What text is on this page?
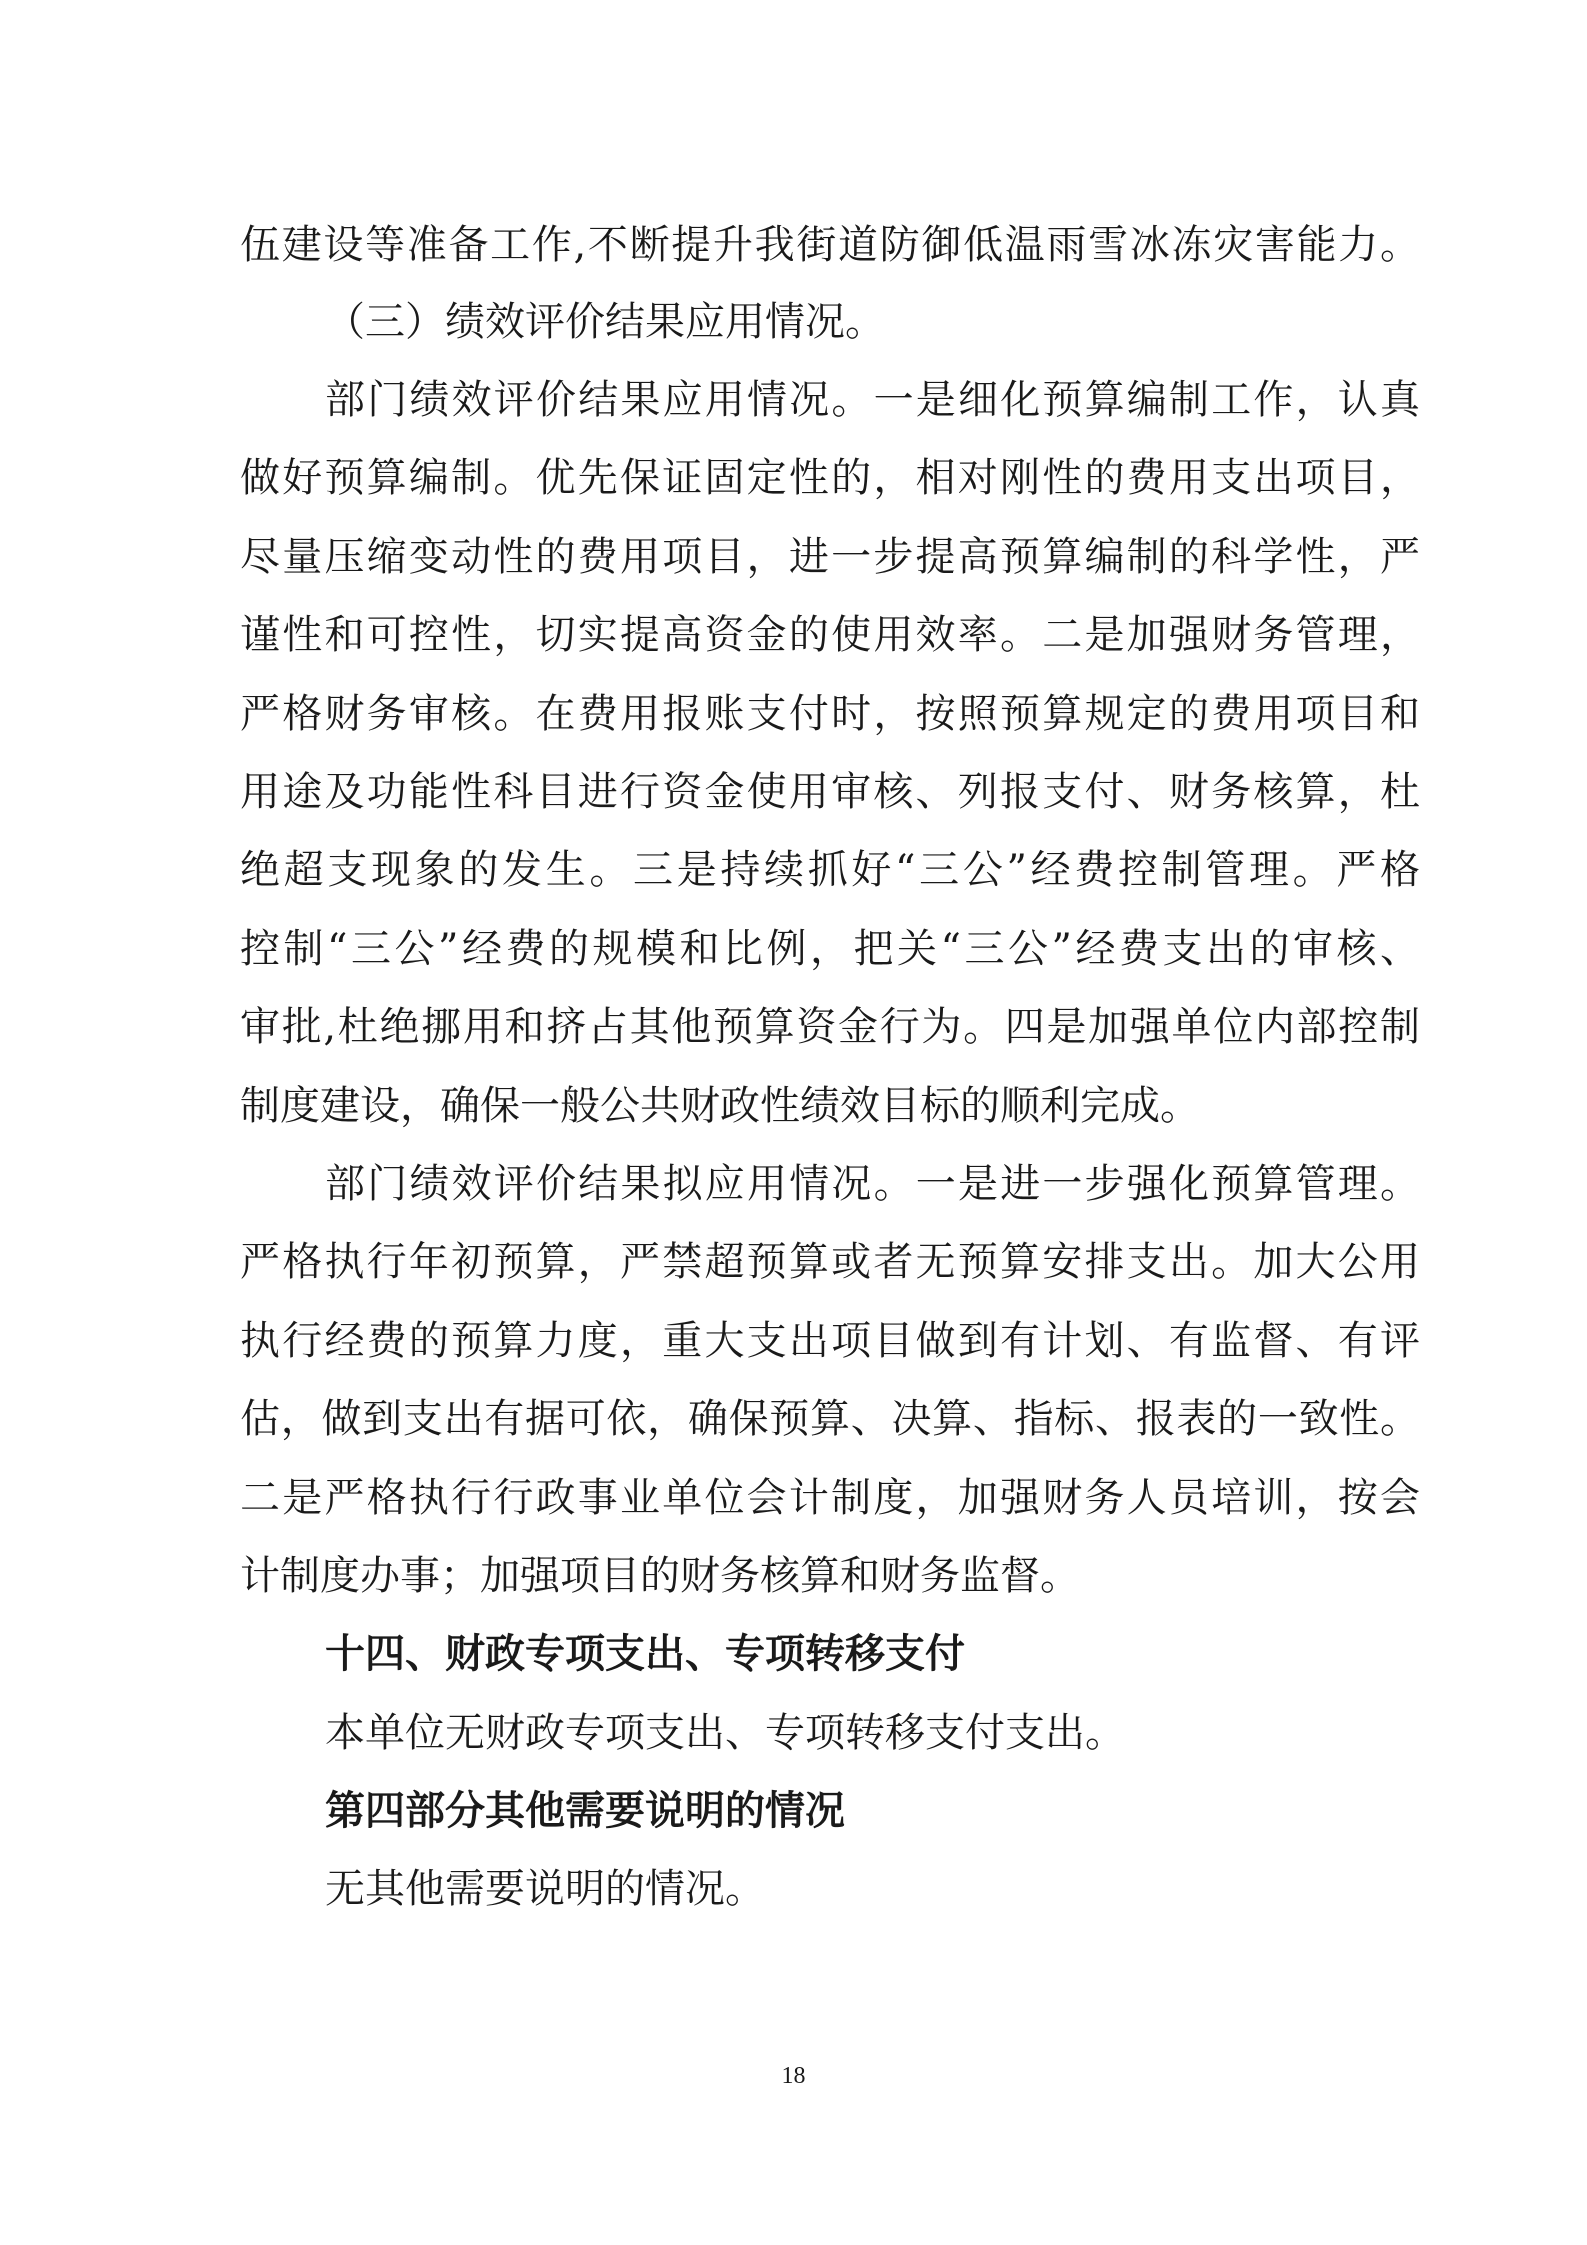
伍建设等准备工作,不断提升我街道防御低温雨雪冰冻灾害能力。
（三）绩效评价结果应用情况。
部门绩效评价结果应用情况。一是细化预算编制工作，认真
做好预算编制。优先保证固定性的，相对刚性的费用支出项目，
尽量压缩变动性的费用项目，进一步提高预算编制的科学性，严
谨性和可控性，切实提高资金的使用效率。二是加强财务管理，
严格财务审核。在费用报账支付时，按照预算规定的费用项目和
用途及功能性科目进行资金使用审核、列报支付、财务核算，杜
绝超支现象的发生。三是持续抓好“三公”经费控制管理。严格
控制“三公”经费的规模和比例，把关“三公”经费支出的审核、
审批,杜绝挪用和挤占其他预算资金行为。四是加强单位内部控制
制度建设，确保一般公共财政性绩效目标的顺利完成。
部门绩效评价结果拟应用情况。一是进一步强化预算管理。
严格执行年初预算，严禁超预算或者无预算安排支出。加大公用
执行经费的预算力度，重大支出项目做到有计划、有监督、有评
估，做到支出有据可依，确保预算、决算、指标、报表的一致性。
二是严格执行行政事业单位会计制度，加强财务人员培训，按会
计制度办事；加强项目的财务核算和财务监督。
十四、财政专项支出、专项转移支付
本单位无财政专项支出、专项转移支付支出。
第四部分其他需要说明的情况
无其他需要说明的情况。
18
